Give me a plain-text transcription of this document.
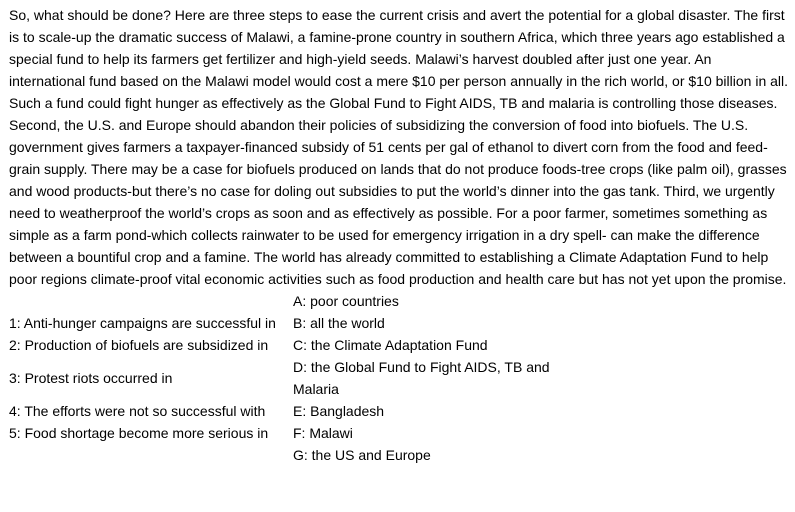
So, what should be done? Here are three steps to ease the current crisis and avert the potential for a global disaster. The first is to scale-up the dramatic success of Malawi, a famine-prone country in southern Africa, which three years ago established a special fund to help its farmers get fertilizer and high-yield seeds. Malawi’s harvest doubled after just one year. An international fund based on the Malawi model would cost a mere $10 per person annually in the rich world, or $10 billion in all. Such a fund could fight hunger as effectively as the Global Fund to Fight AIDS, TB and malaria is controlling those diseases.

Second, the U.S. and Europe should abandon their policies of subsidizing the conversion of food into biofuels. The U.S. government gives farmers a taxpayer-financed subsidy of 51 cents per gal of ethanol to divert corn from the food and feed-grain supply. There may be a case for biofuels produced on lands that do not produce foods-tree crops (like palm oil), grasses and wood products-but there’s no case for doling out subsidies to put the world’s dinner into the gas tank. Third, we urgently need to weatherproof the world’s crops as soon and as effectively as possible. For a poor farmer, sometimes something as simple as a farm pond-which collects rainwater to be used for emergency irrigation in a dry spell- can make the difference between a bountiful crop and a famine. The world has already committed to establishing a Climate Adaptation Fund to help poor regions climate-proof vital economic activities such as food production and health care but has not yet upon the promise.

	A: poor countries
1: Anti-hunger campaigns are successful in	B: all the world
2: Production of biofuels are subsidized in	C: the Climate Adaptation Fund
3: Protest riots occurred in	D: the Global Fund to Fight AIDS, TB and Malaria
4: The efforts were not so successful with	E: Bangladesh
5: Food shortage become more serious in	F: Malawi
	G: the US and Europe
